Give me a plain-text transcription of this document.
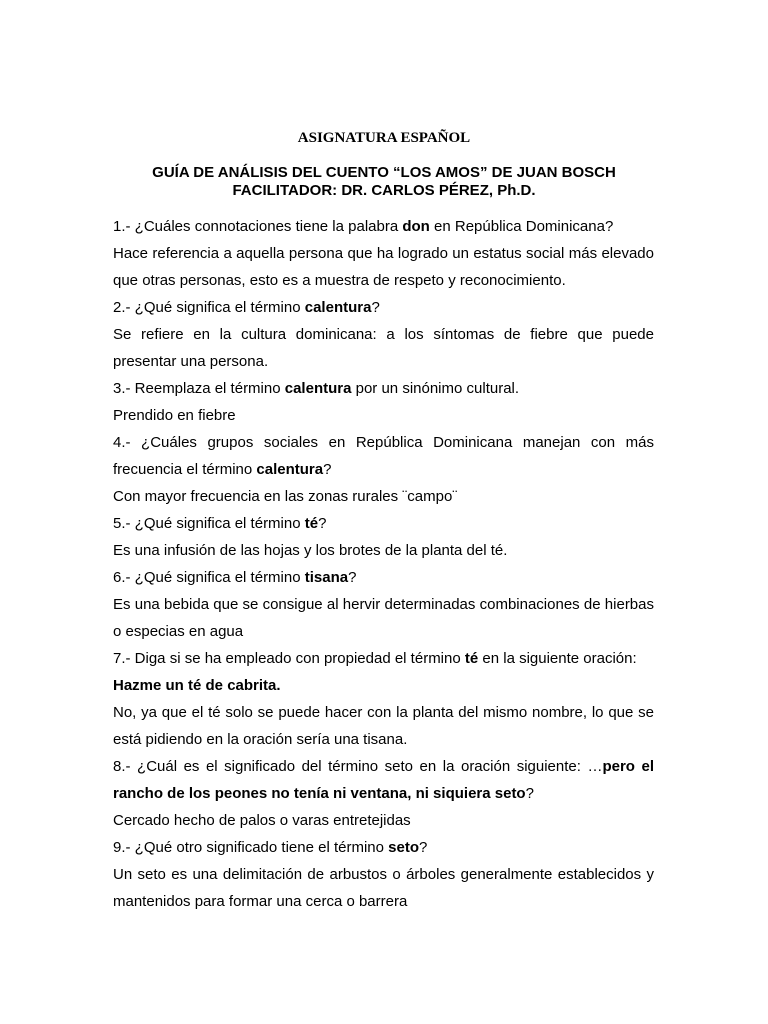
ASIGNATURA ESPAÑOL
GUÍA DE ANÁLISIS DEL CUENTO “LOS AMOS” DE JUAN BOSCH
FACILITADOR: DR. CARLOS PÉREZ, Ph.D.

1.- ¿Cuáles connotaciones tiene la palabra don en República Dominicana?

Hace referencia a aquella persona que ha logrado un estatus social más elevado que otras personas, esto es a muestra de respeto y reconocimiento.

2.- ¿Qué significa el término calentura?

Se refiere en la cultura dominicana: a los síntomas de fiebre que puede presentar una persona.

3.- Reemplaza el término calentura por un sinónimo cultural.

Prendido en fiebre

4.- ¿Cuáles grupos sociales en República Dominicana manejan con más frecuencia el término calentura?

Con mayor frecuencia en las zonas rurales ¨campo¨

5.- ¿Qué significa el término té?

Es una infusión de las hojas y los brotes de la planta del té.

6.- ¿Qué significa el término tisana?

Es una bebida que se consigue al hervir determinadas combinaciones de hierbas o especias en agua

7.- Diga si se ha empleado con propiedad el término té en la siguiente oración:

Hazme un té de cabrita.

No, ya que el té solo se puede hacer con la planta del mismo nombre, lo que se está pidiendo en la oración sería una tisana.

8.- ¿Cuál es el significado del término seto en la oración siguiente: …pero el rancho de los peones no tenía ni ventana, ni siquiera seto?

Cercado hecho de palos o varas entretejidas

9.- ¿Qué otro significado tiene el término seto?

Un seto es una delimitación de arbustos o árboles generalmente establecidos y mantenidos para formar una cerca o barrera
